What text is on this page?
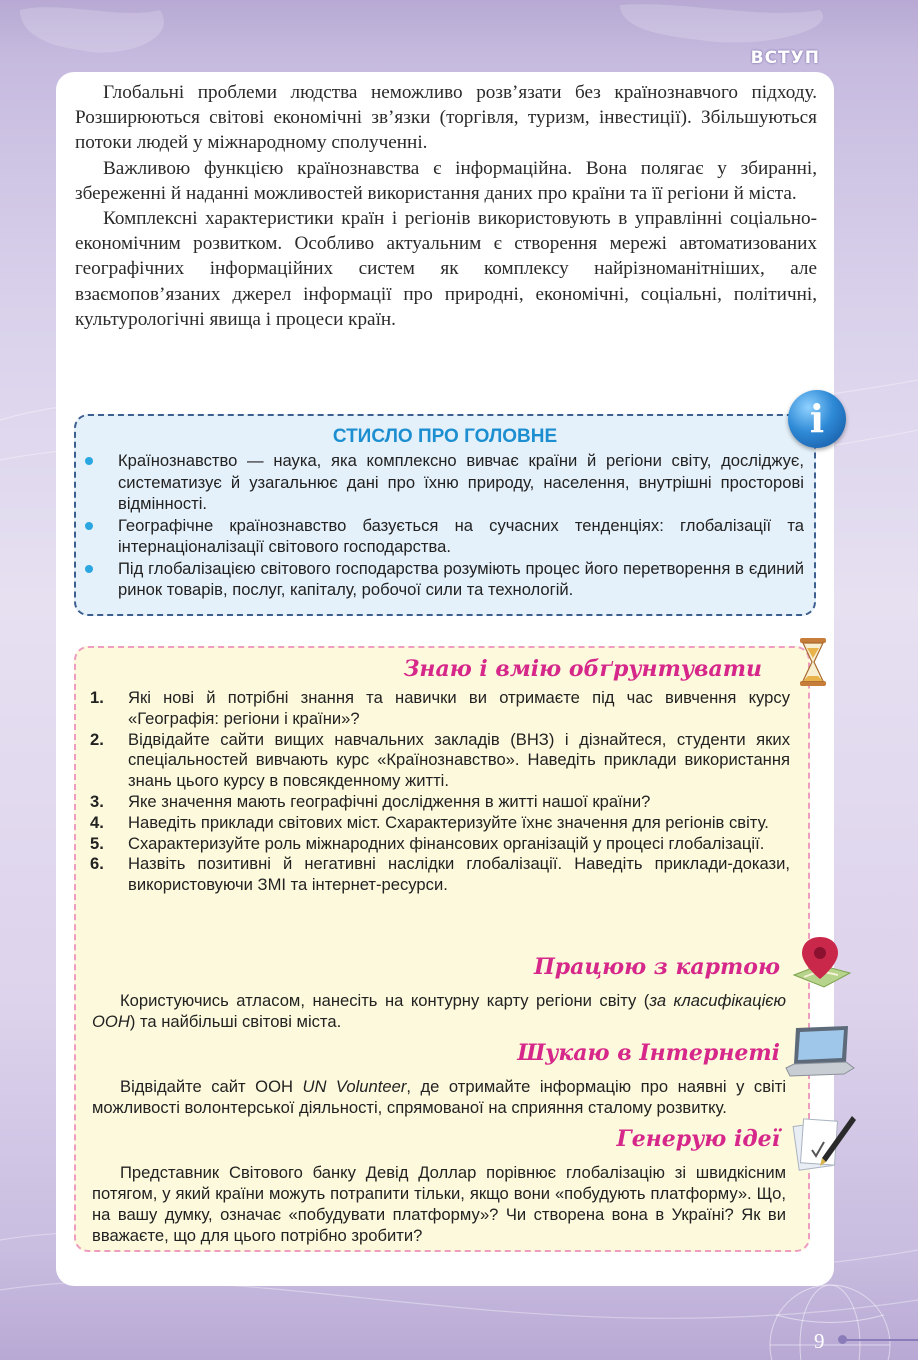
ВСТУП

Глобальні проблеми людства неможливо розв’язати без країнознавчого підходу. Розширюються світові економічні зв’язки (торгівля, туризм, інвестиції). Збільшуються потоки людей у міжнародному сполученні.

Важливою функцією країнознавства є інформаційна. Вона полягає у збиранні, збереженні й наданні можливостей використання даних про країни та її регіони й міста.

Комплексні характеристики країн і регіонів використовують в управлінні соціально-економічним розвитком. Особливо актуальним є створення мережі автоматизованих географічних інформаційних систем як комплексу найрізноманітніших, але взаємопов’язаних джерел інформації про природні, економічні, соціальні, політичні, культурологічні явища і процеси країн.

СТИСЛО ПРО ГОЛОВНЕ
Країнознавство — наука, яка комплексно вивчає країни й регіони світу, досліджує, систематизує й узагальнює дані про їхню природу, населення, внутрішні просторові відмінності.
Географічне країнознавство базується на сучасних тенденціях: глобалізації та інтернаціоналізації світового господарства.
Під глобалізацією світового господарства розуміють процес його перетворення в єдиний ринок товарів, послуг, капіталу, робочої сили та технологій.
i
Знаю і вмію обґрунтувати
1. Які нові й потрібні знання та навички ви отримаєте під час вивчення курсу «Географія: регіони і країни»?
2. Відвідайте сайти вищих навчальних закладів (ВНЗ) і дізнайтеся, студенти яких спеціальностей вивчають курс «Країнознавство». Наведіть приклади використання знань цього курсу в повсякденному житті.
3. Яке значення мають географічні дослідження в житті нашої країни?
4. Наведіть приклади світових міст. Схарактеризуйте їхнє значення для регіонів світу.
5. Схарактеризуйте роль міжнародних фінансових організацій у процесі глобалізації.
6. Назвіть позитивні й негативні наслідки глобалізації. Наведіть приклади-докази, використовуючи ЗМІ та інтернет-ресурси.
Працюю з картою

Користуючись атласом, нанесіть на контурну карту регіони світу (за класифікацією ООН) та найбільші світові міста.

Шукаю в Інтернеті

Відвідайте сайт ООН UN Volunteer, де отримайте інформацію про наявні у світі можливості волонтерської діяльності, спрямованої на сприяння сталому розвитку.

Генерую ідеї

Представник Світового банку Девід Доллар порівнює глобалізацію зі швидкісним потягом, у який країни можуть потрапити тільки, якщо вони «побудують платформу». Що, на вашу думку, означає «побудувати платформу»? Чи створена вона в Україні? Як ви вважаєте, що для цього потрібно зробити?

9
